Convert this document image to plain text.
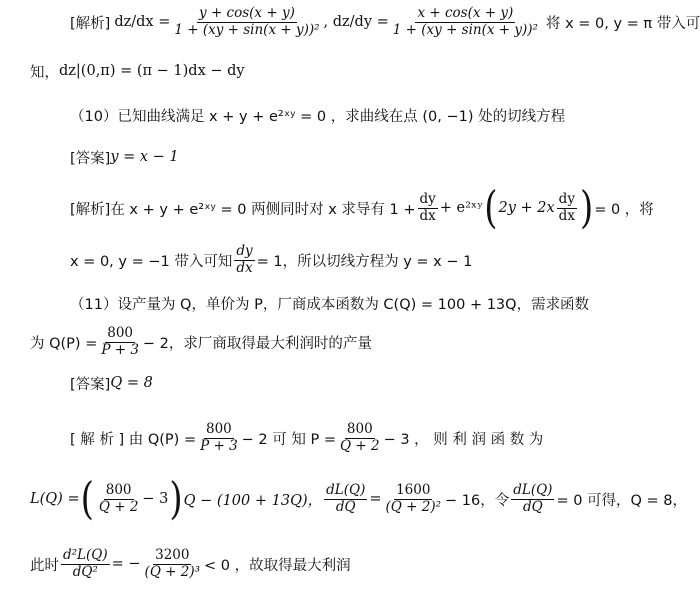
[解析] $dz/dx = \frac{y + \cos(x + y)}{\text{1 + (xy + sin(x + y))²}}$ , $dz/dy = \frac{x + \cos(x + y)}{\text{1 + (xy + sin(x + y))²}}$ 将 x = 0, y = π 带入可
知， dz|(0,π) = (π − 1)dx − dy
（10） 已知曲线满足 x + y + e²ˣʸ = 0 ，求曲线在点 (0, −1) 处的切线方程
[答案] y = x − 1
[解析] 在 x + y + e²ˣʸ = 0 两侧同时对 x 求导有 $1 + \frac{dy}{dx}$ + e²ˣʸ ( $2y + 2x \frac{dy}{dx}$ ) = 0 ，将
x = 0, y = −1 带入可知 $\frac{dy}{dx} = 1$，所以切线方程为 y = x − 1
（11） 设产量为 Q，单价为 P，厂商成本函数为 C(Q) = 100 + 13Q，需求函数
为 $Q(P) = \frac{800}{P + 3} - 2$，求厂商取得最大利润时的产量
[答案] Q = 8
[ 解 析 ] 由 $Q(P) = \frac{800}{P + 3} - 2$ 可 知 $P = \frac{800}{Q + 2} - 3$ ， 则 利 润 函 数 为
L(Q) = ( $\frac{800}{Q + 2} - 3$ ) Q − (100 + 13Q)， $\frac{dL(Q)}{dQ} = \frac{1600}{\text{(Q + 2)²}} - 16$，令 $\frac{dL(Q)}{dQ} = 0$ 可得，Q = 8，
此时 $\frac{\text{d²L(Q)}}{\text{dQ²}}$ = − $\frac{3200}{\text{(Q + 2)³}} < 0$ ，故取得最大利润
